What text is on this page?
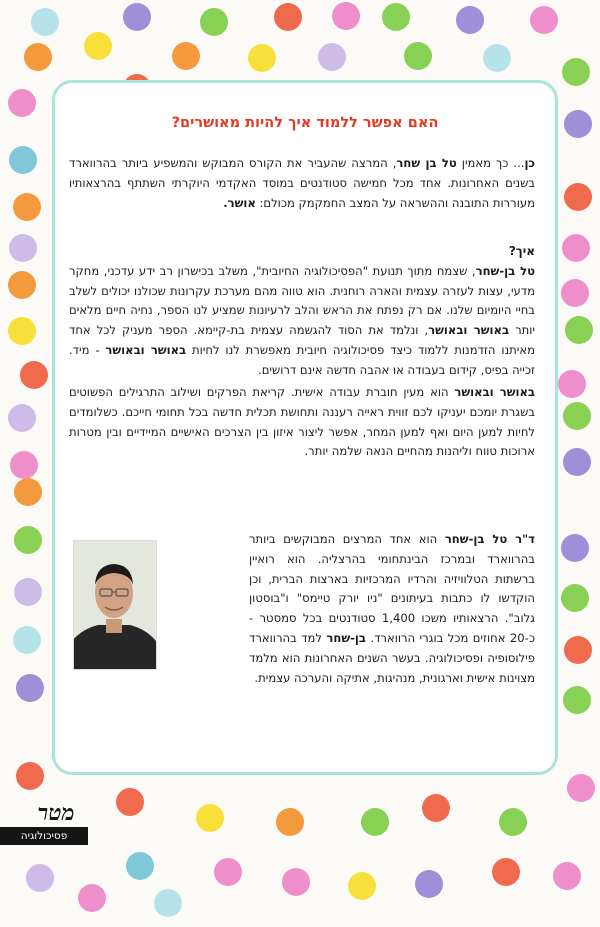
האם אפשר ללמוד איך להיות מאושרים?
כן... כך מאמין טל בן שחר, המרצה שהעביר את הקורס המבוקש והמשפיע ביותר בהרווארד בשנים האחרונות. אחד מכל חמישה סטודנטים במוסד האקדמי היוקרתי השתתף בהרצאותיו מעוררות התובנה וההשראה על המצב החמקמק מכולם: אושר.
איך?
טל בן-שחר, שצמח מתוך תנועת "הפסיכולוגיה החיובית", משלב בכישרון רב ידע עדכני, מחקר מדעי, עצות לעזרה עצמית והארה רוחנית. הוא טווה מהם מערכת עקרונות שכולנו יכולים לשלב בחיי היומיום שלנו. אם רק נפתח את הראש והלב לרעיונות שמציע לנו הספר, נחיה חיים מלאים יותר באושר ובאושר, ונלמד את הסוד להגשמה עצמית בת-קיימא. הספר מעניק לכל אחד מאיתנו הזדמנות ללמוד כיצד פסיכולוגיה חיובית מאפשרת לנו לחיות באושר ובאושר - מיד. זכייה בפיס, קידום בעבודה או אהבה חדשה אינם דרושים.
באושר ובאושר הוא מעין חוברת עבודה אישית. קריאת הפרקים ושילוב התרגילים הפשוטים בשגרת יומכם יעניקו לכם זווית ראייה רעננה ותחושת תכלית חדשה בכל תחומי חייכם. כשלומדים לחיות למען היום ואף למען המחר, אפשר ליצור איזון בין הצרכים האישיים המיידיים ובין מטרות ארוכות טווח וליהנות מהחיים הנאה שלמה יותר.
ד"ר טל בן-שחר הוא אחד המרצים המבוקשים ביותר בהרווארד ובמרכז הבינתחומי בהרצליה. הוא רואיין ברשתות הטלוויזיה והרדיו המרכזיות בארצות הברית, וכן הוקדשו לו כתבות בעיתונים "ניו יורק טיימס" ו"בוסטון גלוב". הרצאותיו משכו 1,400 סטודנטים בכל סמסטר - כ-20 אחוזים מכל בוגרי הרווארד. בן-שחר למד בהרווארד פילוסופיה ופסיכולוגיה. בעשר השנים האחרונות הוא מלמד מצוינות אישית וארגונית, מנהיגות, אתיקה והערכה עצמית.
מטר
פסיכולוגיה
